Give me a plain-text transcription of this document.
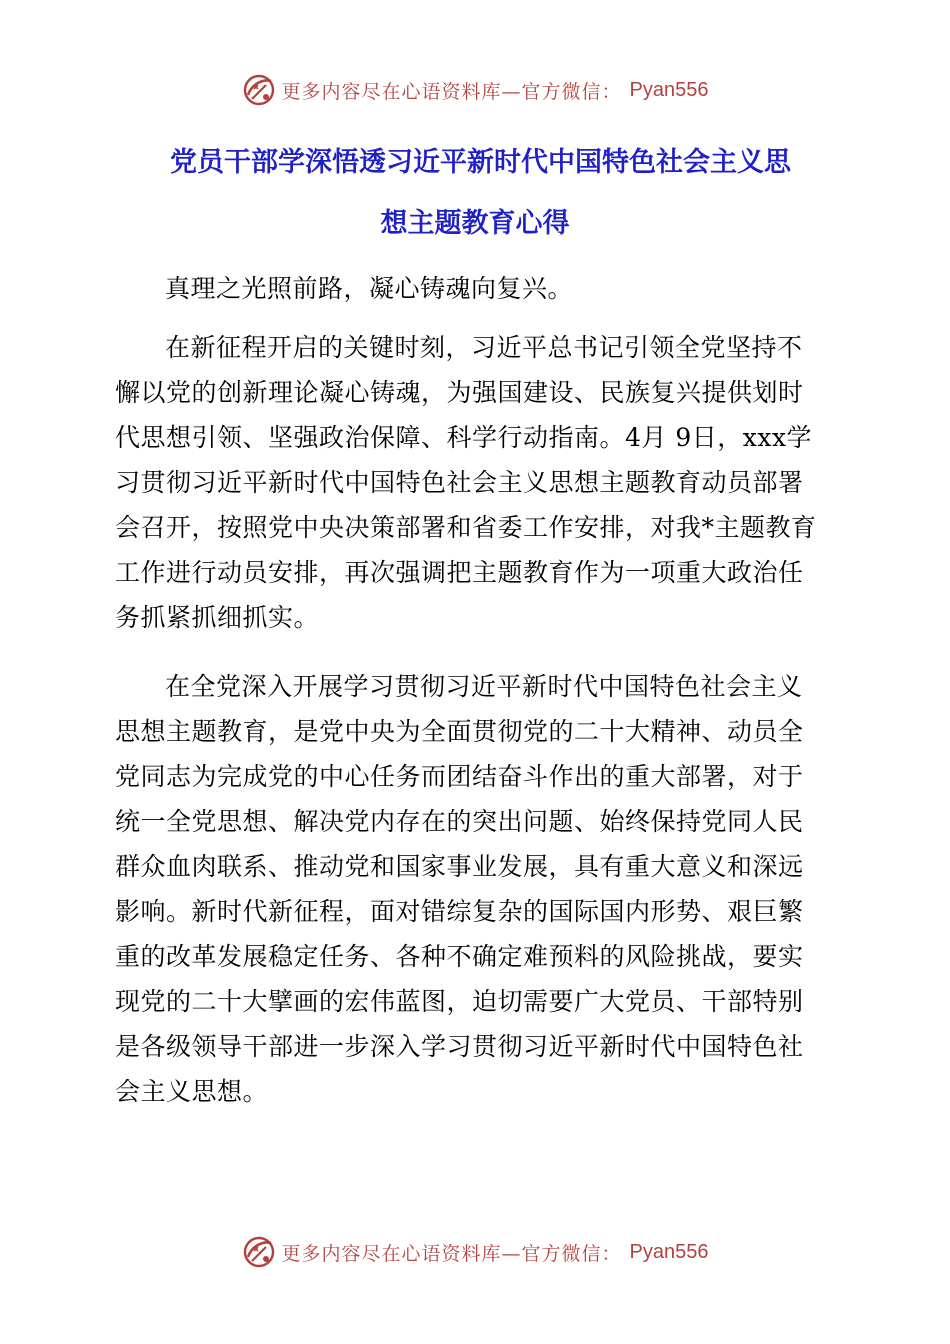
更多内容尽在心语资料库—官方微信： Pyan556
党员干部学深悟透习近平新时代中国特色社会主义思
想主题教育心得

真理之光照前路，凝心铸魂向复兴。

在新征程开启的关键时刻，习近平总书记引领全党坚持不懈以党的创新理论凝心铸魂，为强国建设、民族复兴提供划时代思想引领、坚强政治保障、科学行动指南。4月 9日，xxx学习贯彻习近平新时代中国特色社会主义思想主题教育动员部署会召开，按照党中央决策部署和省委工作安排，对我*主题教育工作进行动员安排，再次强调把主题教育作为一项重大政治任务抓紧抓细抓实。

在全党深入开展学习贯彻习近平新时代中国特色社会主义思想主题教育，是党中央为全面贯彻党的二十大精神、动员全党同志为完成党的中心任务而团结奋斗作出的重大部署，对于统一全党思想、解决党内存在的突出问题、始终保持党同人民群众血肉联系、推动党和国家事业发展，具有重大意义和深远影响。新时代新征程，面对错综复杂的国际国内形势、艰巨繁重的改革发展稳定任务、各种不确定难预料的风险挑战，要实现党的二十大擘画的宏伟蓝图，迫切需要广大党员、干部特别是各级领导干部进一步深入学习贯彻习近平新时代中国特色社会主义思想。

更多内容尽在心语资料库—官方微信： Pyan556
